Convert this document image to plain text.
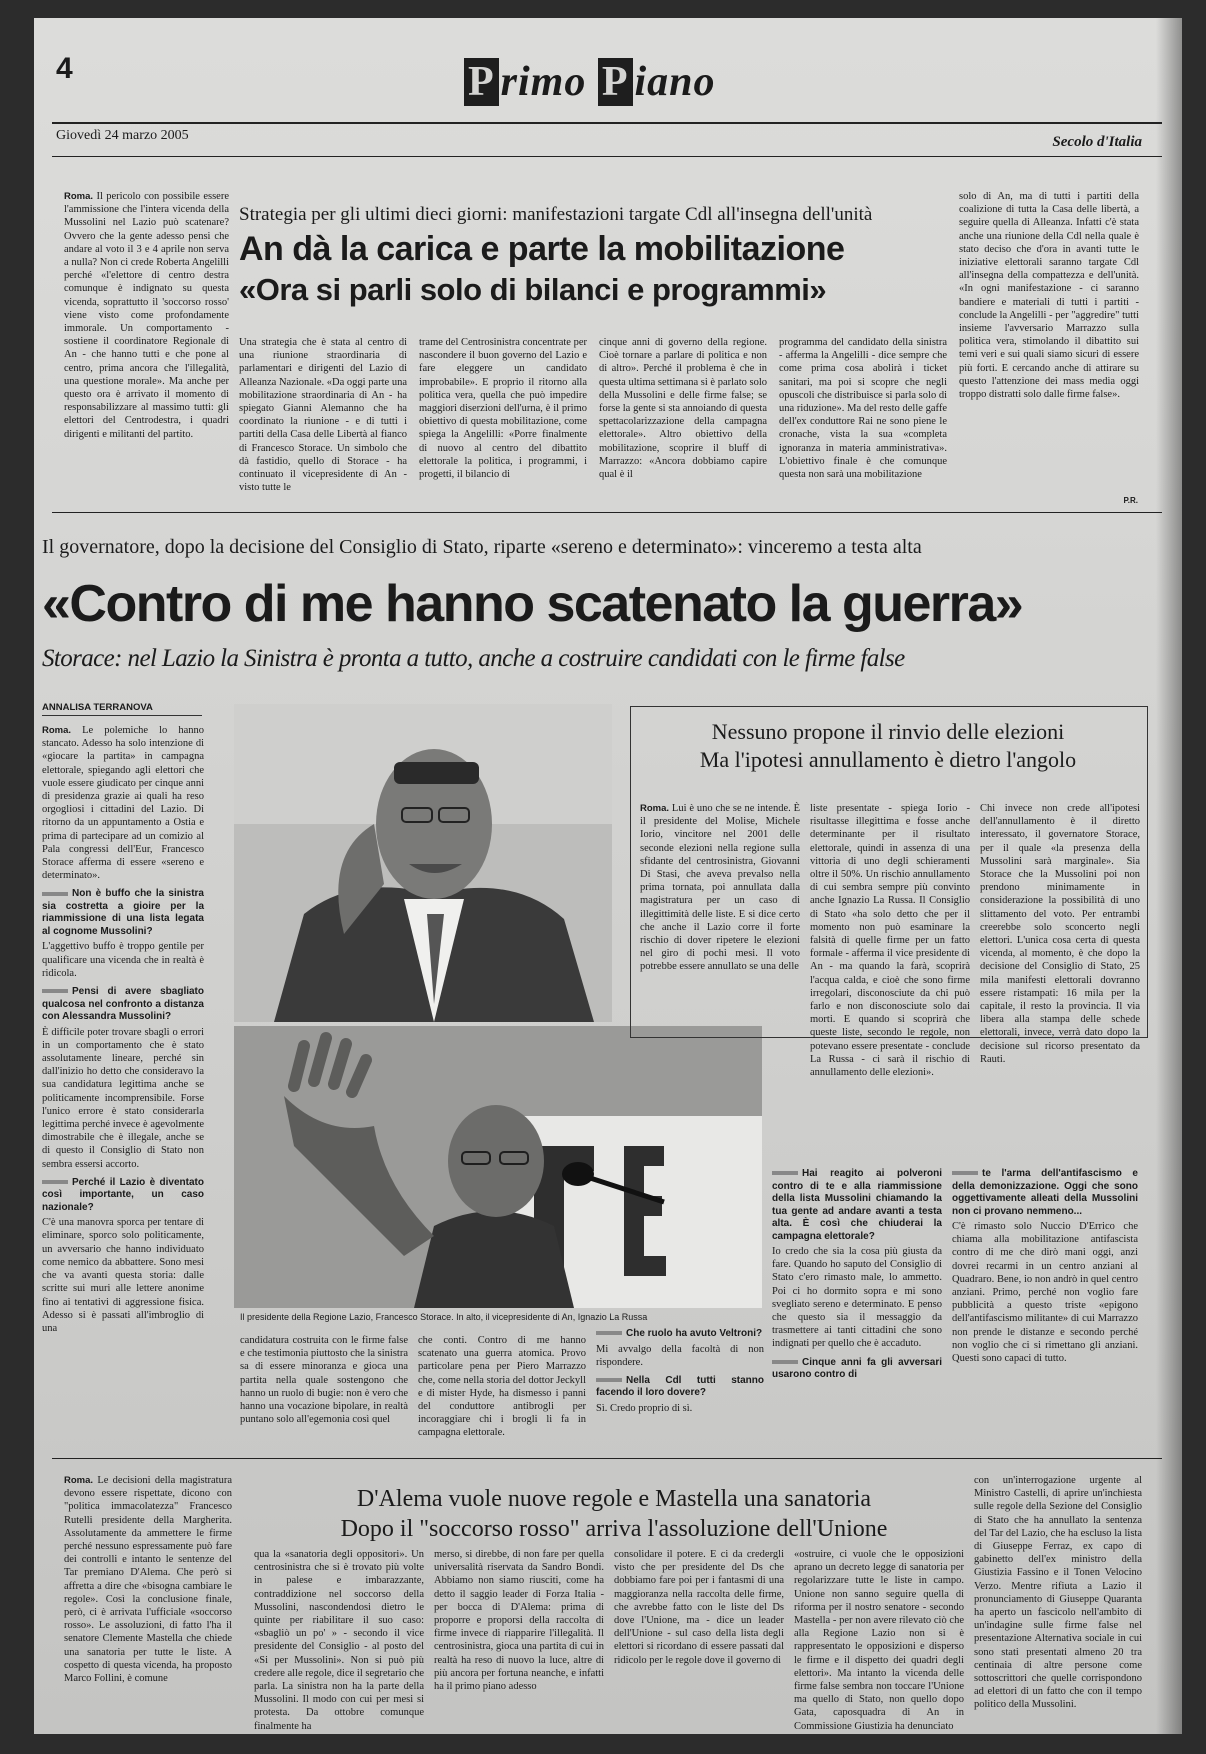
4	P rimo P iano
Giovedì 24 marzo 2005	Secolo d'Italia
Roma. Il pericolo con possibile essere l'ammissione che l'intera vicenda della Mussolini nel Lazio può scatenare? Ovvero che la gente adesso pensi che andare al voto il 3 e 4 aprile non serva a nulla? Non ci crede Roberta Angelilli perché «l'elettore di centro destra comunque è indignato su questa vicenda, soprattutto il 'soccorso rosso' viene visto come profondamente immorale. Un comportamento - sostiene il coordinatore Regionale di An - che hanno tutti e che pone al centro, prima ancora che l'illegalità, una questione morale». Ma anche per questo ora è arrivato il momento di responsabilizzare al massimo tutti: gli elettori del Centrodestra, i quadri dirigenti e militanti del partito.
Strategia per gli ultimi dieci giorni: manifestazioni targate Cdl all'insegna dell'unità
An dà la carica e parte la mobilitazione
«Ora si parli solo di bilanci e programmi»
Una strategia che è stata al centro di una riunione straordinaria di parlamentari e dirigenti del Lazio di Alleanza Nazionale. «Da oggi parte una mobilitazione straordinaria di An - ha spiegato Gianni Alemanno che ha coordinato la riunione - e di tutti i partiti della Casa delle Libertà al fianco di Francesco Storace. Un simbolo che dà fastidio, quello di Storace - ha continuato il vicepresidente di An - visto tutte le
trame del Centrosinistra concentrate per nascondere il buon governo del Lazio e fare eleggere un candidato improbabile». E proprio il ritorno alla politica vera, quella che può impedire maggiori diserzioni dell'urna, è il primo obiettivo di questa mobilitazione, come spiega la Angelilli: «Porre finalmente di nuovo al centro del dibattito elettorale la politica, i programmi, i progetti, il bilancio di
cinque anni di governo della regione. Cioè tornare a parlare di politica e non di altro». Perché il problema è che in questa ultima settimana si è parlato solo della Mussolini e delle firme false; se forse la gente si sta annoiando di questa spettacolarizzazione della campagna elettorale». Altro obiettivo della mobilitazione, scoprire il bluff di Marrazzo: «Ancora dobbiamo capire qual è il
programma del candidato della sinistra - afferma la Angelilli - dice sempre che come prima cosa abolirà i ticket sanitari, ma poi si scopre che negli opuscoli che distribuisce si parla solo di una riduzione». Ma del resto delle gaffe dell'ex conduttore Rai ne sono piene le cronache, vista la sua «completa ignoranza in materia amministrativa». L'obiettivo finale è che comunque questa non sarà una mobilitazione
solo di An, ma di tutti i partiti della coalizione di tutta la Casa delle libertà, a seguire quella di Alleanza. Infatti c'è stata anche una riunione della Cdl nella quale è stato deciso che d'ora in avanti tutte le iniziative elettorali saranno targate Cdl all'insegna della compattezza e dell'unità. «In ogni manifestazione - ci saranno bandiere e materiali di tutti i partiti - conclude la Angelilli - per "aggredire" tutti insieme l'avversario Marrazzo sulla politica vera, stimolando il dibattito sui temi veri e sui quali siamo sicuri di essere più forti. E cercando anche di attirare su questo l'attenzione dei mass media oggi troppo distratti solo dalle firme false».
P.R.
Il governatore, dopo la decisione del Consiglio di Stato, riparte «sereno e determinato»: vinceremo a testa alta
«Contro di me hanno scatenato la guerra»
Storace: nel Lazio la Sinistra è pronta a tutto, anche a costruire candidati con le firme false
ANNALISA TERRANOVA
Roma. Le polemiche lo hanno stancato. Adesso ha solo intenzione di «giocare la partita» in campagna elettorale, spiegando agli elettori che vuole essere giudicato per cinque anni di presidenza grazie ai quali ha reso orgogliosi i cittadini del Lazio. Di ritorno da un appuntamento a Ostia e prima di partecipare ad un comizio al Pala congressi dell'Eur, Francesco Storace afferma di essere «sereno e determinato».
Non è buffo che la sinistra sia costretta a gioire per la riammissione di una lista legata al cognome Mussolini?
L'aggettivo buffo è troppo gentile per qualificare una vicenda che in realtà è ridicola.
Pensi di avere sbagliato qualcosa nel confronto a distanza con Alessandra Mussolini?
È difficile poter trovare sbagli o errori in un comportamento che è stato assolutamente lineare, perché sin dall'inizio ho detto che consideravo la sua candidatura legittima anche se politicamente incomprensibile. Forse l'unico errore è stato considerarla legittima perché invece è agevolmente dimostrabile che è illegale, anche se di questo il Consiglio di Stato non sembra essersi accorto.
Perché il Lazio è diventato così importante, un caso nazionale?
C'è una manovra sporca per tentare di eliminare, sporco solo politicamente, un avversario che hanno individuato come nemico da abbattere. Sono mesi che va avanti questa storia: dalle scritte sui muri alle lettere anonime fino ai tentativi di aggressione fisica. Adesso si è passati all'imbroglio di una
Il presidente della Regione Lazio, Francesco Storace. In alto, il vicepresidente di An, Ignazio La Russa
candidatura costruita con le firme false e che testimonia piuttosto che la sinistra sa di essere minoranza e gioca una partita nella quale sostengono che hanno un ruolo di bugie: non è vero che hanno una vocazione bipolare, in realtà puntano solo all'egemonia così quel
che conti. Contro di me hanno scatenato una guerra atomica. Provo particolare pena per Piero Marrazzo che, come nella storia del dottor Jeckyll e di mister Hyde, ha dismesso i panni del conduttore antibrogli per incoraggiare chi i brogli li fa in campagna elettorale.
Che ruolo ha avuto Veltroni?
Mi avvalgo della facoltà di non rispondere.
Nella Cdl tutti stanno facendo il loro dovere?
Sì. Credo proprio di sì.
Nessuno propone il rinvio delle elezioni
Ma l'ipotesi annullamento è dietro l'angolo
Roma. Lui è uno che se ne intende. È il presidente del Molise, Michele Iorio, vincitore nel 2001 delle seconde elezioni nella regione sulla sfidante del centrosinistra, Giovanni Di Stasi, che aveva prevalso nella prima tornata, poi annullata dalla magistratura per un caso di illegittimità delle liste. E si dice certo che anche il Lazio corre il forte rischio di dover ripetere le elezioni nel giro di pochi mesi. Il voto potrebbe essere annullato se una delle
liste presentate - spiega Iorio - risultasse illegittima e fosse anche determinante per il risultato elettorale, quindi in assenza di una vittoria di uno degli schieramenti oltre il 50%. Un rischio annullamento di cui sembra sempre più convinto anche Ignazio La Russa. Il Consiglio di Stato «ha solo detto che per il momento non può esaminare la falsità di quelle firme per un fatto formale - afferma il vice presidente di An - ma quando la farà, scoprirà l'acqua calda, e cioè che sono firme irregolari, disconosciute da chi può farlo e non disconosciute solo dai morti. E quando si scoprirà che queste liste, secondo le regole, non potevano essere presentate - conclude La Russa - ci sarà il rischio di annullamento delle elezioni».
Chi invece non crede all'ipotesi dell'annullamento è il diretto interessato, il governatore Storace, per il quale «la presenza della Mussolini sarà marginale». Sia Storace che la Mussolini poi non prendono minimamente in considerazione la possibilità di uno slittamento del voto. Per entrambi creerebbe solo sconcerto negli elettori. L'unica cosa certa di questa vicenda, al momento, è che dopo la decisione del Consiglio di Stato, 25 mila manifesti elettorali dovranno essere ristampati: 16 mila per la capitale, il resto la provincia. Il via libera alla stampa delle schede elettorali, invece, verrà dato dopo la decisione sul ricorso presentato da Rauti.
Hai reagito ai polveroni contro di te e alla riammissione della lista Mussolini chiamando la tua gente ad andare avanti a testa alta. È così che chiuderai la campagna elettorale?
Io credo che sia la cosa più giusta da fare. Quando ho saputo del Consiglio di Stato c'ero rimasto male, lo ammetto. Poi ci ho dormito sopra e mi sono svegliato sereno e determinato. E penso che questo sia il messaggio da trasmettere ai tanti cittadini che sono indignati per quello che è accaduto.
Cinque anni fa gli avversari usarono contro di
te l'arma dell'antifascismo e della demonizzazione. Oggi che sono oggettivamente alleati della Mussolini non ci provano nemmeno...
C'è rimasto solo Nuccio D'Errico che chiama alla mobilitazione antifascista contro di me che dirò mani oggi, anzi dovrei recarmi in un centro anziani al Quadraro. Bene, io non andrò in quel centro anziani. Primo, perché non voglio fare pubblicità a questo triste «epigono dell'antifascismo militante» di cui Marrazzo non prende le distanze e secondo perché non voglio che ci si rimettano gli anziani. Questi sono capaci di tutto.
D'Alema vuole nuove regole e Mastella una sanatoria
Dopo il "soccorso rosso" arriva l'assoluzione dell'Unione
Roma. Le decisioni della magistratura devono essere rispettate, dicono con "politica immacolatezza" Francesco Rutelli presidente della Margherita. Assolutamente da ammettere le firme perché nessuno espressamente può fare dei controlli e intanto le sentenze del Tar premiano D'Alema. Che però si affretta a dire che «bisogna cambiare le regole». Così la conclusione finale, però, ci è arrivata l'ufficiale «soccorso rosso». Le assoluzioni, di fatto l'ha il senatore Clemente Mastella che chiede una sanatoria per tutte le liste. A cospetto di questa vicenda, ha proposto Marco Follini, è comune
qua la «sanatoria degli oppositori». Un centrosinistra che si è trovato più volte in palese e imbarazzante, contraddizione nel soccorso della Mussolini, nascondendosi dietro le quinte per riabilitare il suo caso: «sbagliò un po' » - secondo il vice presidente del Consiglio - al posto del «Si per Mussolini». Non si può più credere alle regole, dice il segretario che parla. La sinistra non ha la parte della Mussolini. Il modo con cui per mesi si protesta. Da ottobre comunque finalmente ha
merso, si direbbe, di non fare per quella universalità riservata da Sandro Bondi. Abbiamo non siamo riusciti, come ha detto il saggio leader di Forza Italia - per bocca di D'Alema: prima di proporre e proporsi della raccolta di firme invece di riapparire l'illegalità. Il centrosinistra, gioca una partita di cui in realtà ha reso di nuovo la luce, altre di più ancora per fortuna neanche, e infatti ha il primo piano adesso
consolidare il potere. E ci da credergli visto che per presidente del Ds che dobbiamo fare poi per i fantasmi di una maggioranza nella raccolta delle firme, che avrebbe fatto con le liste del Ds dove l'Unione, ma - dice un leader dell'Unione - sul caso della lista degli elettori si ricordano di essere passati dal ridicolo per le regole dove il governo di
«ostruire, ci vuole che le opposizioni aprano un decreto legge di sanatoria per regolarizzare tutte le liste in campo. Unione non sanno seguire quella di riforma per il nostro senatore - secondo Mastella - per non avere rilevato ciò che alla Regione Lazio non si è rappresentato le opposizioni e disperso le firme e il dispetto dei quadri degli elettori». Ma intanto la vicenda delle firme false sembra non toccare l'Unione ma quello di Stato, non quello dopo Gata, caposquadra di An in Commissione Giustizia ha denunciato
con un'interrogazione urgente al Ministro Castelli, di aprire un'inchiesta sulle regole della Sezione del Consiglio di Stato che ha annullato la sentenza del Tar del Lazio, che ha escluso la lista di Giuseppe Ferraz, ex capo di gabinetto dell'ex ministro della Giustizia Fassino e il Tonen Velocino Verzo. Mentre rifiuta a Lazio il pronunciamento di Giuseppe Quaranta ha aperto un fascicolo nell'ambito di un'indagine sulle firme false nel presentazione Alternativa sociale in cui sono stati presentati almeno 20 tra centinaia di altre persone come sottoscrittori che quelle corrispondono ad elettori di un fatto che con il tempo politico della Mussolini.
